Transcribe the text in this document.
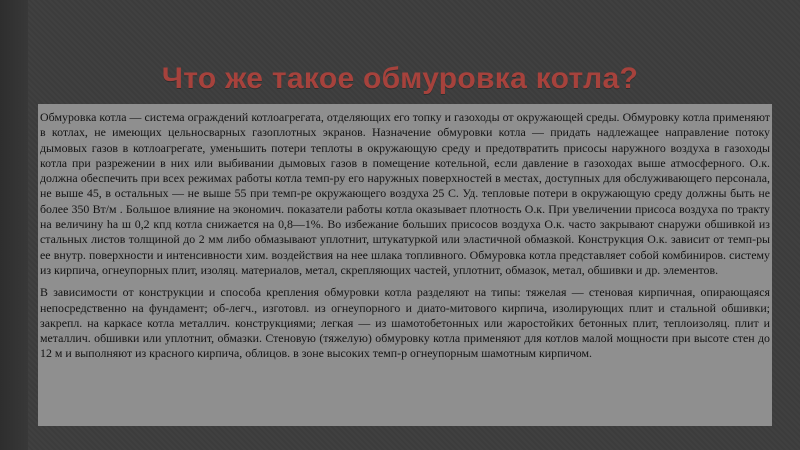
Что же такое обмуровка котла?

Обмуровка котла — система ограждений котлоагрегата, отделяющих его топку и газоходы от окружающей среды. Обмуровку котла применяют в котлах, не имеющих цельносварных газоплотных экранов. Назначение обмуровки котла — придать надлежащее направление потоку дымовых газов в котлоагрегате, уменьшить потери теплоты в окружающую среду и предотвратить присосы наружного воздуха в газоходы котла при разрежении в них или выбивании дымовых газов в помещение котельной, если давление в газоходах выше атмосферного. О.к. должна обеспечить при всех режимах работы котла темп-ру его наружных поверхностей в местах, доступных для обслуживающего персонала, не выше 45, в остальных — не выше 55 при темп-ре окружающего воздуха 25 С. Уд. тепловые потери в окружающую среду должны быть не более 350 Вт/м . Большое влияние на экономич. показатели работы котла оказывает плотность О.к. При увеличении присоса воздуха по тракту на величину ha ш 0,2 кпд котла снижается на 0,8—1%. Во избежание больших присосов воздуха О.к. часто закрывают снаружи обшивкой из стальных листов толщиной до 2 мм либо обмазывают уплотнит, штукатуркой или эластичной обмазкой. Конструкция О.к. зависит от темп-ры ее внутр. поверхности и интенсивности хим. воздействия на нее шлака топливного. Обмуровка котла представляет собой комбиниров. систему из кирпича, огнеупорных плит, изоляц. материалов, метал, скрепляющих частей, уплотнит, обмазок, метал, обшивки и др. элементов.

В зависимости от конструкции и способа крепления обмуровки котла разделяют на типы: тяжелая — стеновая кирпичная, опирающаяся непосредственно на фундамент; об-легч., изготовл. из огнеупорного и диато-митового кирпича, изолирующих плит и стальной обшивки; закрепл. на каркасе котла металлич. конструкциями; легкая — из шамотобетонных или жаростойких бетонных плит, теплоизоляц. плит и металлич. обшивки или уплотнит, обмазки. Стеновую (тяжелую) обмуровку котла применяют для котлов малой мощности при высоте стен до 12 м и выполняют из красного кирпича, облицов. в зоне высоких темп-р огнеупорным шамотным кирпичом.
